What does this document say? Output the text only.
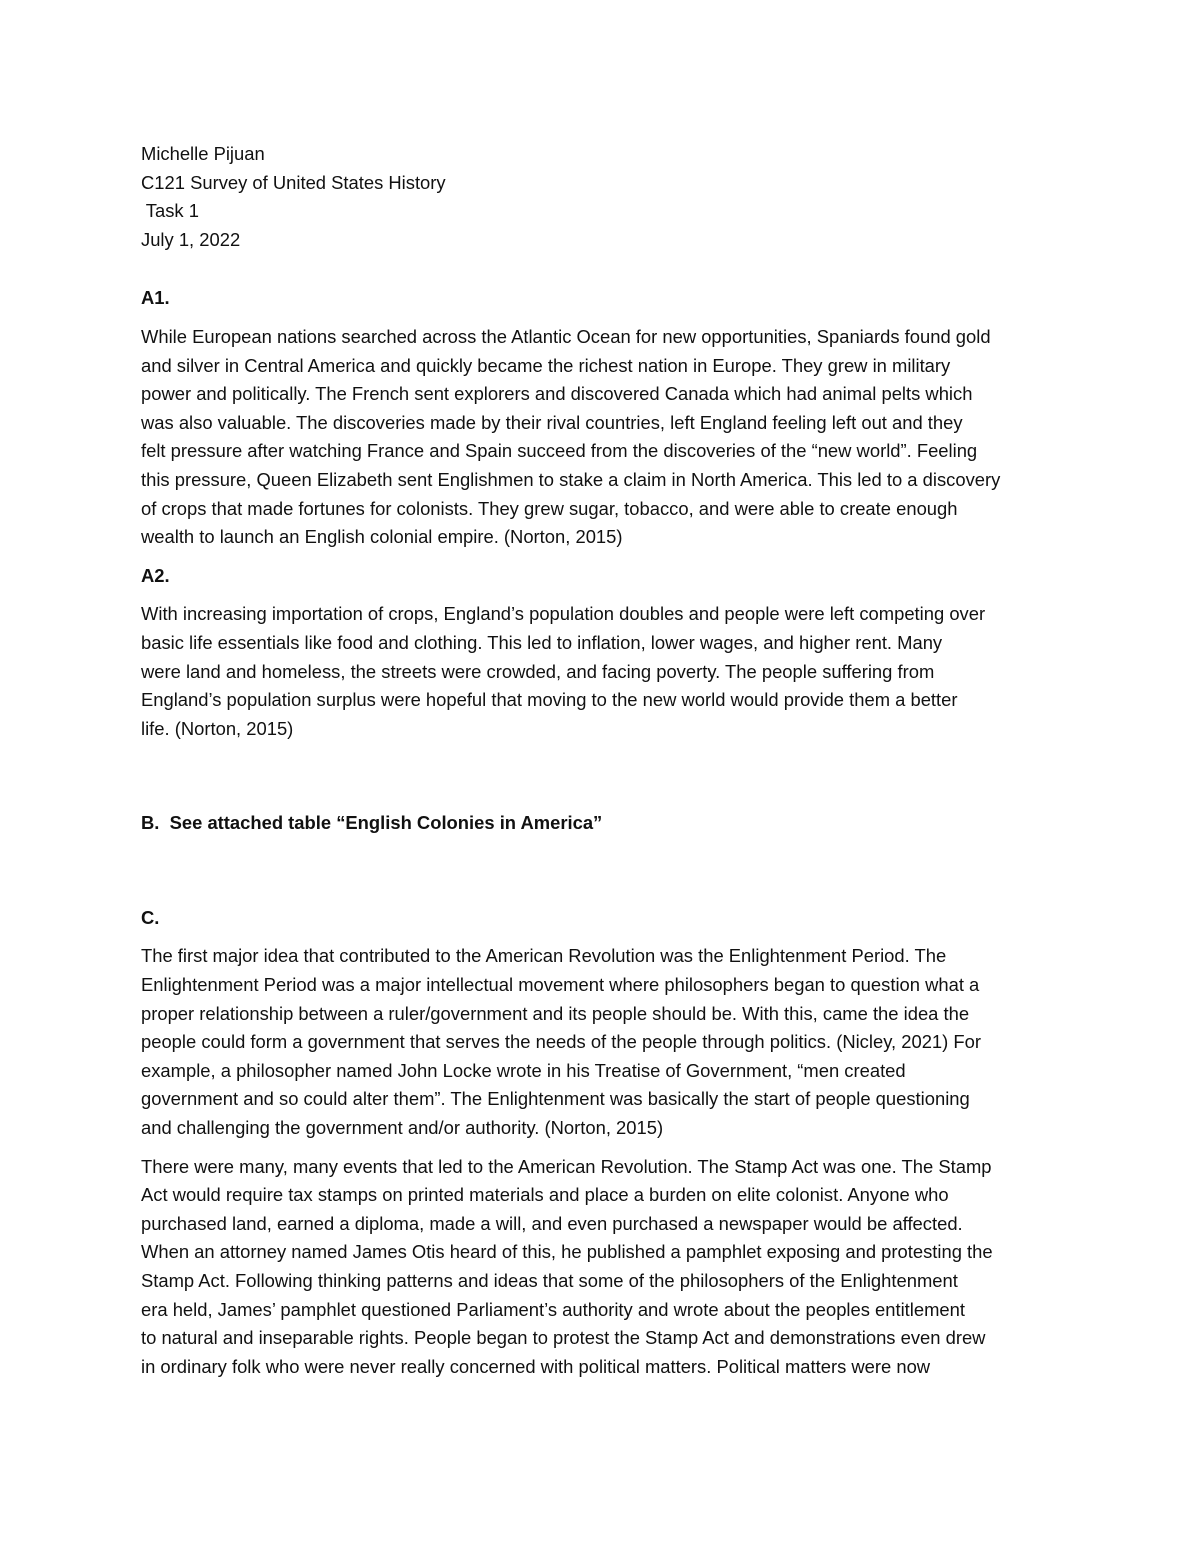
Michelle Pijuan

C121 Survey of United States History

Task 1

July 1, 2022

A1.

While European nations searched across the Atlantic Ocean for new opportunities, Spaniards found gold

and silver in Central America and quickly became the richest nation in Europe. They grew in military

power and politically. The French sent explorers and discovered Canada which had animal pelts which

was also valuable. The discoveries made by their rival countries, left England feeling left out and they

felt pressure after watching France and Spain succeed from the discoveries of the “new world”. Feeling

this pressure, Queen Elizabeth sent Englishmen to stake a claim in North America. This led to a discovery

of crops that made fortunes for colonists. They grew sugar, tobacco, and were able to create enough

wealth to launch an English colonial empire. (Norton, 2015)

A2.

With increasing importation of crops, England’s population doubles and people were left competing over

basic life essentials like food and clothing. This led to inflation, lower wages, and higher rent. Many

were land and homeless, the streets were crowded, and facing poverty. The people suffering from

England’s population surplus were hopeful that moving to the new world would provide them a better

life. (Norton, 2015)

B.  See attached table “English Colonies in America”

C.

The first major idea that contributed to the American Revolution was the Enlightenment Period. The

Enlightenment Period was a major intellectual movement where philosophers began to question what a

proper relationship between a ruler/government and its people should be. With this, came the idea the

people could form a government that serves the needs of the people through politics. (Nicley, 2021) For

example, a philosopher named John Locke wrote in his Treatise of Government, “men created

government and so could alter them”. The Enlightenment was basically the start of people questioning

and challenging the government and/or authority. (Norton, 2015)

There were many, many events that led to the American Revolution. The Stamp Act was one. The Stamp

Act would require tax stamps on printed materials and place a burden on elite colonist. Anyone who

purchased land, earned a diploma, made a will, and even purchased a newspaper would be affected.

When an attorney named James Otis heard of this, he published a pamphlet exposing and protesting the

Stamp Act. Following thinking patterns and ideas that some of the philosophers of the Enlightenment

era held, James’ pamphlet questioned Parliament’s authority and wrote about the peoples entitlement

to natural and inseparable rights. People began to protest the Stamp Act and demonstrations even drew

in ordinary folk who were never really concerned with political matters. Political matters were now
